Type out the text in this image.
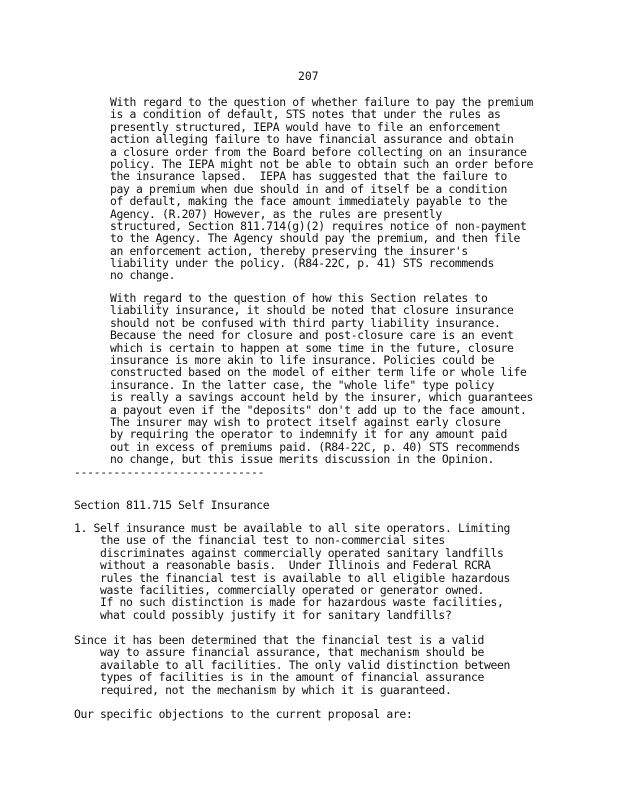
207
With regard to the question of whether failure to pay the premium
is a condition of default, STS notes that under the rules as
presently structured, IEPA would have to file an enforcement
action alleging failure to have financial assurance and obtain
a closure order from the Board before collecting on an insurance
policy. The IEPA might not be able to obtain such an order before
the insurance lapsed.  IEPA has suggested that the failure to
pay a premium when due should in and of itself be a condition
of default, making the face amount immediately payable to the
Agency. (R.207) However, as the rules are presently
structured, Section 811.714(g)(2) requires notice of non-payment
to the Agency. The Agency should pay the premium, and then file
an enforcement action, thereby preserving the insurer's
liability under the policy. (R84-22C, p. 41) STS recommends
no change.
With regard to the question of how this Section relates to
liability insurance, it should be noted that closure insurance
should not be confused with third party liability insurance.
Because the need for closure and post-closure care is an event
which is certain to happen at some time in the future, closure
insurance is more akin to life insurance. Policies could be
constructed based on the model of either term life or whole life
insurance. In the latter case, the "whole life" type policy
is really a savings account held by the insurer, which guarantees
a payout even if the "deposits" don't add up to the face amount.
The insurer may wish to protect itself against early closure
by requiring the operator to indemnify it for any amount paid
out in excess of premiums paid. (R84-22C, p. 40) STS recommends
no change, but this issue merits discussion in the Opinion.
-----------------------------
Section 811.715 Self Insurance
1. Self insurance must be available to all site operators. Limiting
the use of the financial test to non-commercial sites
discriminates against commercially operated sanitary landfills
without a reasonable basis.  Under Illinois and Federal RCRA
rules the financial test is available to all eligible hazardous
waste facilities, commercially operated or generator owned.
If no such distinction is made for hazardous waste facilities,
what could possibly justify it for sanitary landfills?
Since it has been determined that the financial test is a valid
way to assure financial assurance, that mechanism should be
available to all facilities. The only valid distinction between
types of facilities is in the amount of financial assurance
required, not the mechanism by which it is guaranteed.
Our specific objections to the current proposal are:
